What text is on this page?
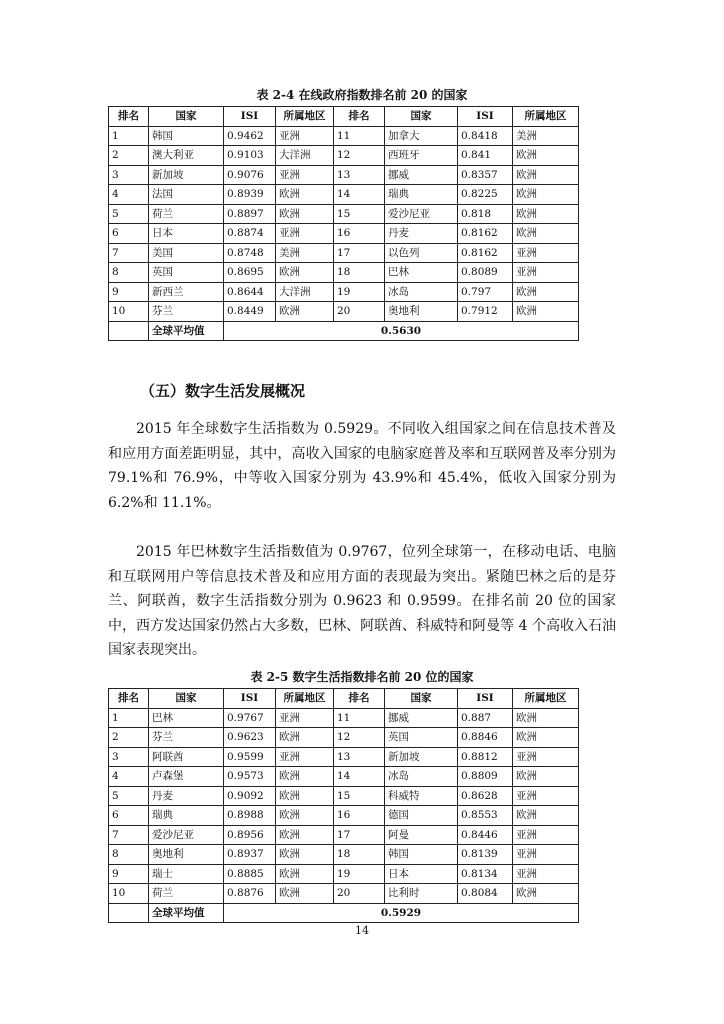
表 2-4 在线政府指数排名前 20 的国家
排名	国家	ISI	所属地区	排名	国家	ISI	所属地区
1	韩国	0.9462	亚洲	11	加拿大	0.8418	美洲
2	澳大利亚	0.9103	大洋洲	12	西班牙	0.841	欧洲
3	新加坡	0.9076	亚洲	13	挪威	0.8357	欧洲
4	法国	0.8939	欧洲	14	瑞典	0.8225	欧洲
5	荷兰	0.8897	欧洲	15	爱沙尼亚	0.818	欧洲
6	日本	0.8874	亚洲	16	丹麦	0.8162	欧洲
7	美国	0.8748	美洲	17	以色列	0.8162	亚洲
8	英国	0.8695	欧洲	18	巴林	0.8089	亚洲
9	新西兰	0.8644	大洋洲	19	冰岛	0.797	欧洲
10	芬兰	0.8449	欧洲	20	奥地利	0.7912	欧洲
	全球平均值	0.5630					
（五）数字生活发展概况

2015 年全球数字生活指数为 0.5929。不同收入组国家之间在信息技术普及和应用方面差距明显，其中，高收入国家的电脑家庭普及率和互联网普及率分别为 79.1%和 76.9%，中等收入国家分别为 43.9%和 45.4%，低收入国家分别为 6.2%和 11.1%。

2015 年巴林数字生活指数值为 0.9767，位列全球第一，在移动电话、电脑和互联网用户等信息技术普及和应用方面的表现最为突出。紧随巴林之后的是芬兰、阿联酋，数字生活指数分别为 0.9623 和 0.9599。在排名前 20 位的国家中，西方发达国家仍然占大多数，巴林、阿联酋、科威特和阿曼等 4 个高收入石油国家表现突出。

表 2-5 数字生活指数排名前 20 位的国家
排名	国家	ISI	所属地区	排名	国家	ISI	所属地区
1	巴林	0.9767	亚洲	11	挪威	0.887	欧洲
2	芬兰	0.9623	欧洲	12	英国	0.8846	欧洲
3	阿联酋	0.9599	亚洲	13	新加坡	0.8812	亚洲
4	卢森堡	0.9573	欧洲	14	冰岛	0.8809	欧洲
5	丹麦	0.9092	欧洲	15	科威特	0.8628	亚洲
6	瑞典	0.8988	欧洲	16	德国	0.8553	欧洲
7	爱沙尼亚	0.8956	欧洲	17	阿曼	0.8446	亚洲
8	奥地利	0.8937	欧洲	18	韩国	0.8139	亚洲
9	瑞士	0.8885	欧洲	19	日本	0.8134	亚洲
10	荷兰	0.8876	欧洲	20	比利时	0.8084	欧洲
	全球平均值	0.5929					
14
